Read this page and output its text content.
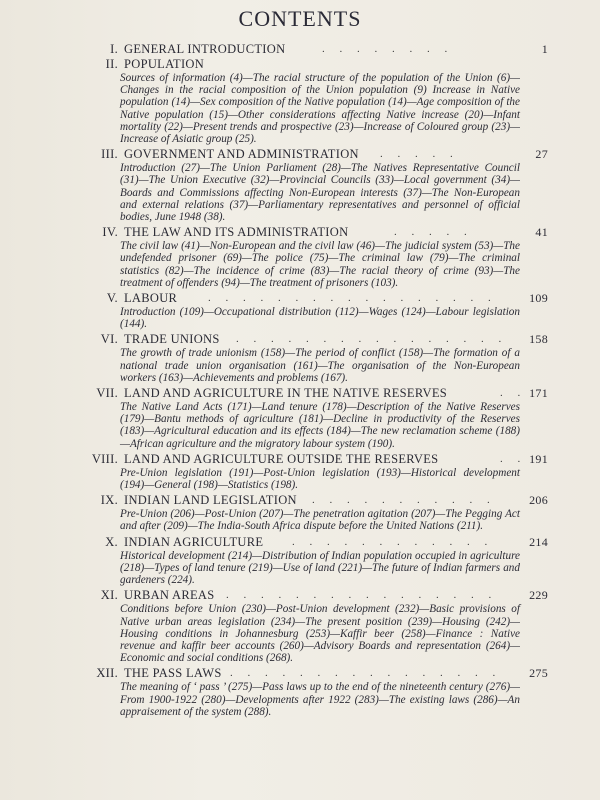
CONTENTS
I. GENERAL INTRODUCTION	. . . . . . . .	1
II. POPULATION
Sources of information (4)—The racial structure of the population of the Union (6)—Changes in the racial composition of the Union population (9) Increase in Native population (14)—Sex composition of the Native population (14)—Age composition of the Native population (15)—Other considerations affecting Native increase (20)—Infant mortality (22)—Present trends and prospective (23)—Increase of Coloured group (23)—Increase of Asiatic group (25).
III. GOVERNMENT AND ADMINISTRATION . . . . .	27
Introduction (27)—The Union Parliament (28)—The Natives Representative Council (31)—The Union Executive (32)—Provincial Councils (33)—Local government (34)—Boards and Commissions affecting Non-European interests (37)—The Non-European and external relations (37)—Parliamentary representatives and personnel of official bodies, June 1948 (38).
IV. THE LAW AND ITS ADMINISTRATION	. . . . .	41
The civil law (41)—Non-European and the civil law (46)—The judicial system (53)—The undefended prisoner (69)—The police (75)—The criminal law (79)—The criminal statistics (82)—The incidence of crime (83)—The racial theory of crime (93)—The treatment of offenders (94)—The treatment of prisoners (103).
V. LABOUR	. . . . . . . . . . . . . . . . .	109
Introduction (109)—Occupational distribution (112)—Wages (124)—Labour legislation (144).
VI. TRADE UNIONS . . . . . . . . . . . . . . . . 158
The growth of trade unionism (158)—The period of conflict (158)—The formation of a national trade union organisation (161)—The organisation of the Non-European workers (163)—Achievements and problems (167).
VII. LAND AND AGRICULTURE IN THE NATIVE RESERVES	. . 171
The Native Land Acts (171)—Land tenure (178)—Description of the Native Reserves (179)—Bantu methods of agriculture (181)—Decline in productivity of the Reserves (183)—Agricultural education and its effects (184)—The new reclamation scheme (188)—African agriculture and the migratory labour system (190).
VIII. LAND AND AGRICULTURE OUTSIDE THE RESERVES	. . 191
Pre-Union legislation (191)—Post-Union legislation (193)—Historical development (194)—General (198)—Statistics (198).
IX. INDIAN LAND LEGISLATION . . . . . . . . . . .	206
Pre-Union (206)—Post-Union (207)—The penetration agitation (207)—The Pegging Act and after (209)—The India-South Africa dispute before the United Nations (211).
X. INDIAN AGRICULTURE	. . . . . . . . . . . .	214
Historical development (214)—Distribution of Indian population occupied in agriculture (218)—Types of land tenure (219)—Use of land (221)—The future of Indian farmers and gardeners (224).
XI. URBAN AREAS . . . . . . . . . . . . . . . .	229
Conditions before Union (230)—Post-Union development (232)—Basic provisions of Native urban areas legislation (234)—The present position (239)—Housing (242)—Housing conditions in Johannesburg (253)—Kaffir beer (258)—Finance : Native revenue and kaffir beer accounts (260)—Advisory Boards and representation (264)—Economic and social conditions (268).
XII. THE PASS LAWS . . . . . . . . . . . . . . . . 275
The meaning of ‘ pass ’ (275)—Pass laws up to the end of the nineteenth century (276)—From 1900-1922 (280)—Developments after 1922 (283)—The existing laws (286)—An appraisement of the system (288).
